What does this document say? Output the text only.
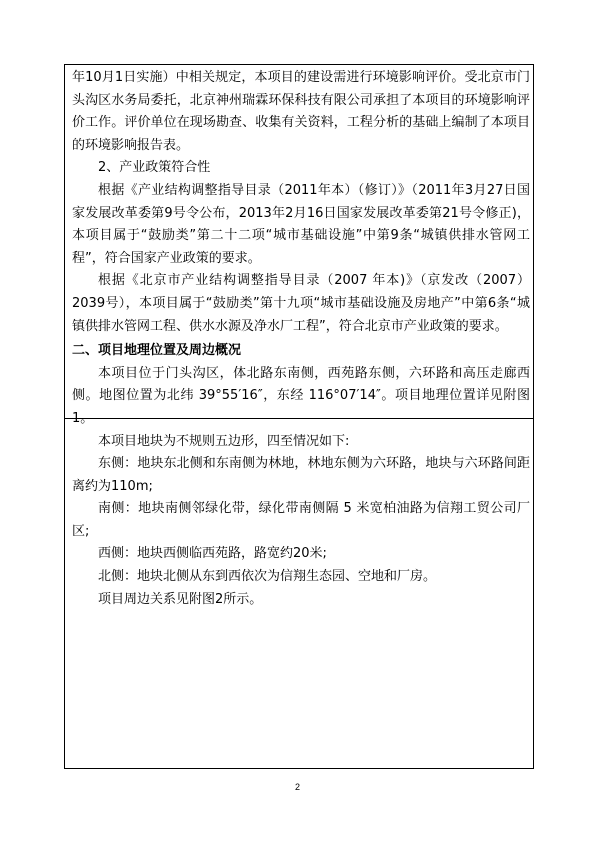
年10月1日实施）中相关规定，本项目的建设需进行环境影响评价。受北京市门头沟区水务局委托，北京神州瑞霖环保科技有限公司承担了本项目的环境影响评价工作。评价单位在现场勘查、收集有关资料，工程分析的基础上编制了本项目的环境影响报告表。

2、产业政策符合性

根据《产业结构调整指导目录（2011年本）（修订）》（2011年3月27日国家发展改革委第9号令公布，2013年2月16日国家发展改革委第21号令修正)，本项目属于“鼓励类”第二十二项“城市基础设施”中第9条“城镇供排水管网工程”，符合国家产业政策的要求。

根据《北京市产业结构调整指导目录（2007 年本)》（京发改（2007）2039号），本项目属于“鼓励类”第十九项“城市基础设施及房地产”中第6条“城镇供排水管网工程、供水水源及净水厂工程”，符合北京市产业政策的要求。

二、项目地理位置及周边概况

本项目位于门头沟区，体北路东南侧，西苑路东侧，六环路和高压走廊西侧。地图位置为北纬 39°55′16″，东经 116°07′14″。项目地理位置详见附图 1。

本项目地块为不规则五边形，四至情况如下:

东侧：地块东北侧和东南侧为林地，林地东侧为六环路，地块与六环路间距离约为110m;

南侧：地块南侧邻绿化带，绿化带南侧隔 5 米宽柏油路为信翔工贸公司厂区;

西侧：地块西侧临西苑路，路宽约20米;

北侧：地块北侧从东到西依次为信翔生态园、空地和厂房。

项目周边关系见附图2所示。

2
